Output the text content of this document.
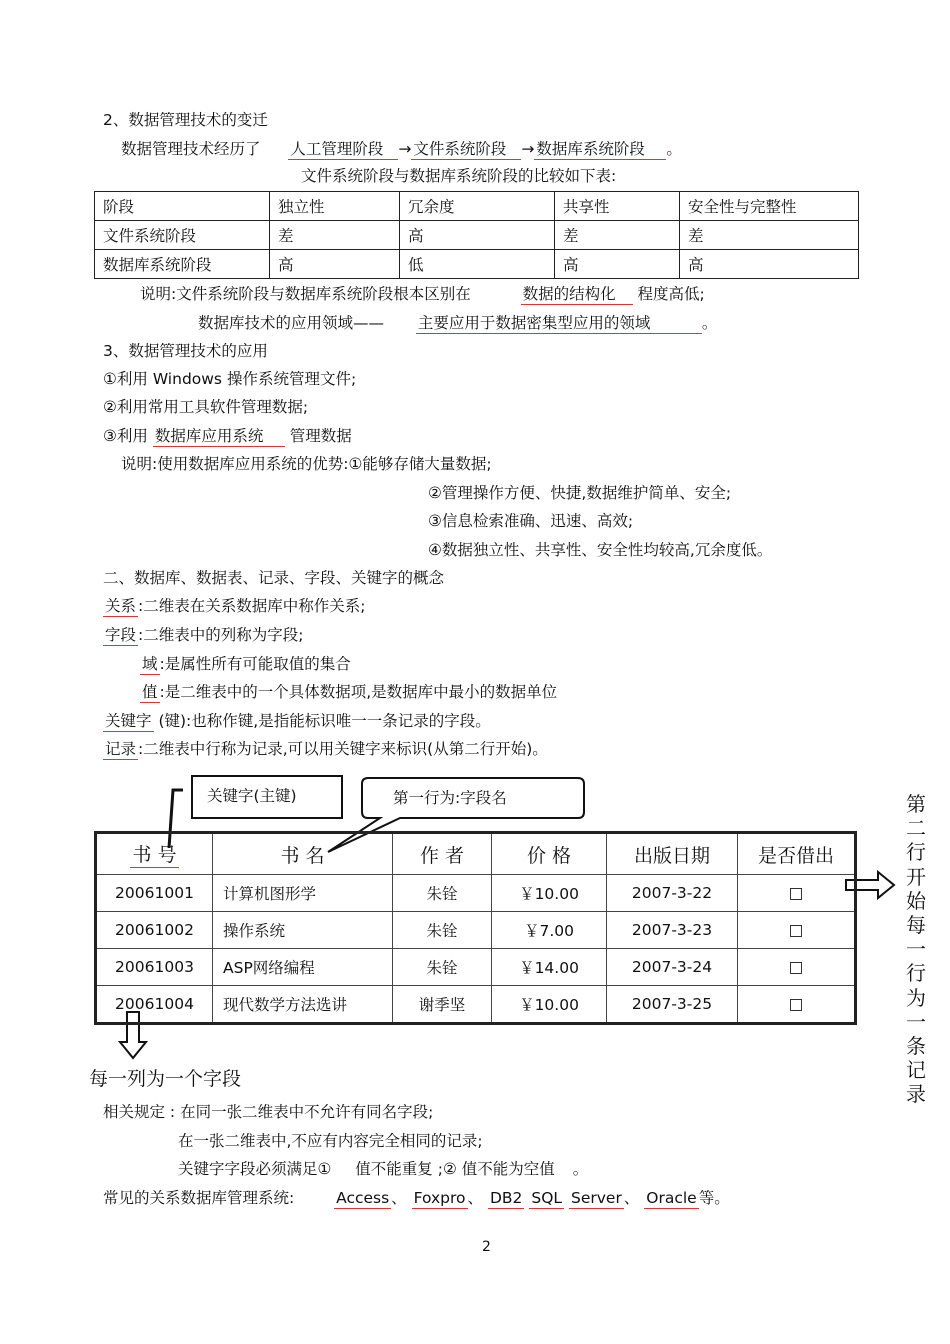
2、数据管理技术的变迁
数据管理技术经历了 人工管理阶段 → 文件系统阶段 → 数据库系统阶段 。
文件系统阶段与数据库系统阶段的比较如下表:
阶段	独立性	冗余度	共享性	安全性与完整性
文件系统阶段	差	高	差	差
数据库系统阶段	高	低	高	高
说明:文件系统阶段与数据库系统阶段根本区别在	数据的结构化 程度高低;
数据库技术的应用领域—— 主要应用于数据密集型应用的领域	。
3、数据管理技术的应用
①利用 Windows 操作系统管理文件;
②利用常用工具软件管理数据;
③利用 数据库应用系统 管理数据
说明:使用数据库应用系统的优势:①能够存储大量数据;
②管理操作方便、快捷,数据维护简单、安全;
③信息检索准确、迅速、高效;
④数据独立性、共享性、安全性均较高,冗余度低。
二、数据库、数据表、记录、字段、关键字的概念
关系 :二维表在关系数据库中称作关系;
字段 :二维表中的列称为字段;
域 :是属性所有可能取值的集合
值 :是二维表中的一个具体数据项,是数据库中最小的数据单位
关键字 (键):也称作键,是指能标识唯一一条记录的字段。
记录 :二维表中行称为记录,可以用关键字来标识(从第二行开始)。
关键字(主键)	第一行为:字段名
书 号	书 名	作 者	价 格	出版日期	是否借出
20061001	计算机图形学	朱铨	￥10.00	2007-3-22	□
20061002	操作系统	朱铨	￥7.00	2007-3-23	□
20061003	ASP网络编程	朱铨	￥14.00	2007-3-24	□
20061004	现代数学方法选讲	谢季坚	￥10.00	2007-3-25	□
第
二
行
开
始
每
一
行
为
一
条
记
录
每一列为一个字段
相关规定 : 在同一张二维表中不允许有同名字段;
在一张二维表中,不应有内容完全相同的记录;
关键字字段必须满足① 值不能重复 ;② 值不能为空值 。
常见的关系数据库管理系统:	Access 、 Foxpro 、 DB2 SQL Server 、 Oracle 等。
2
